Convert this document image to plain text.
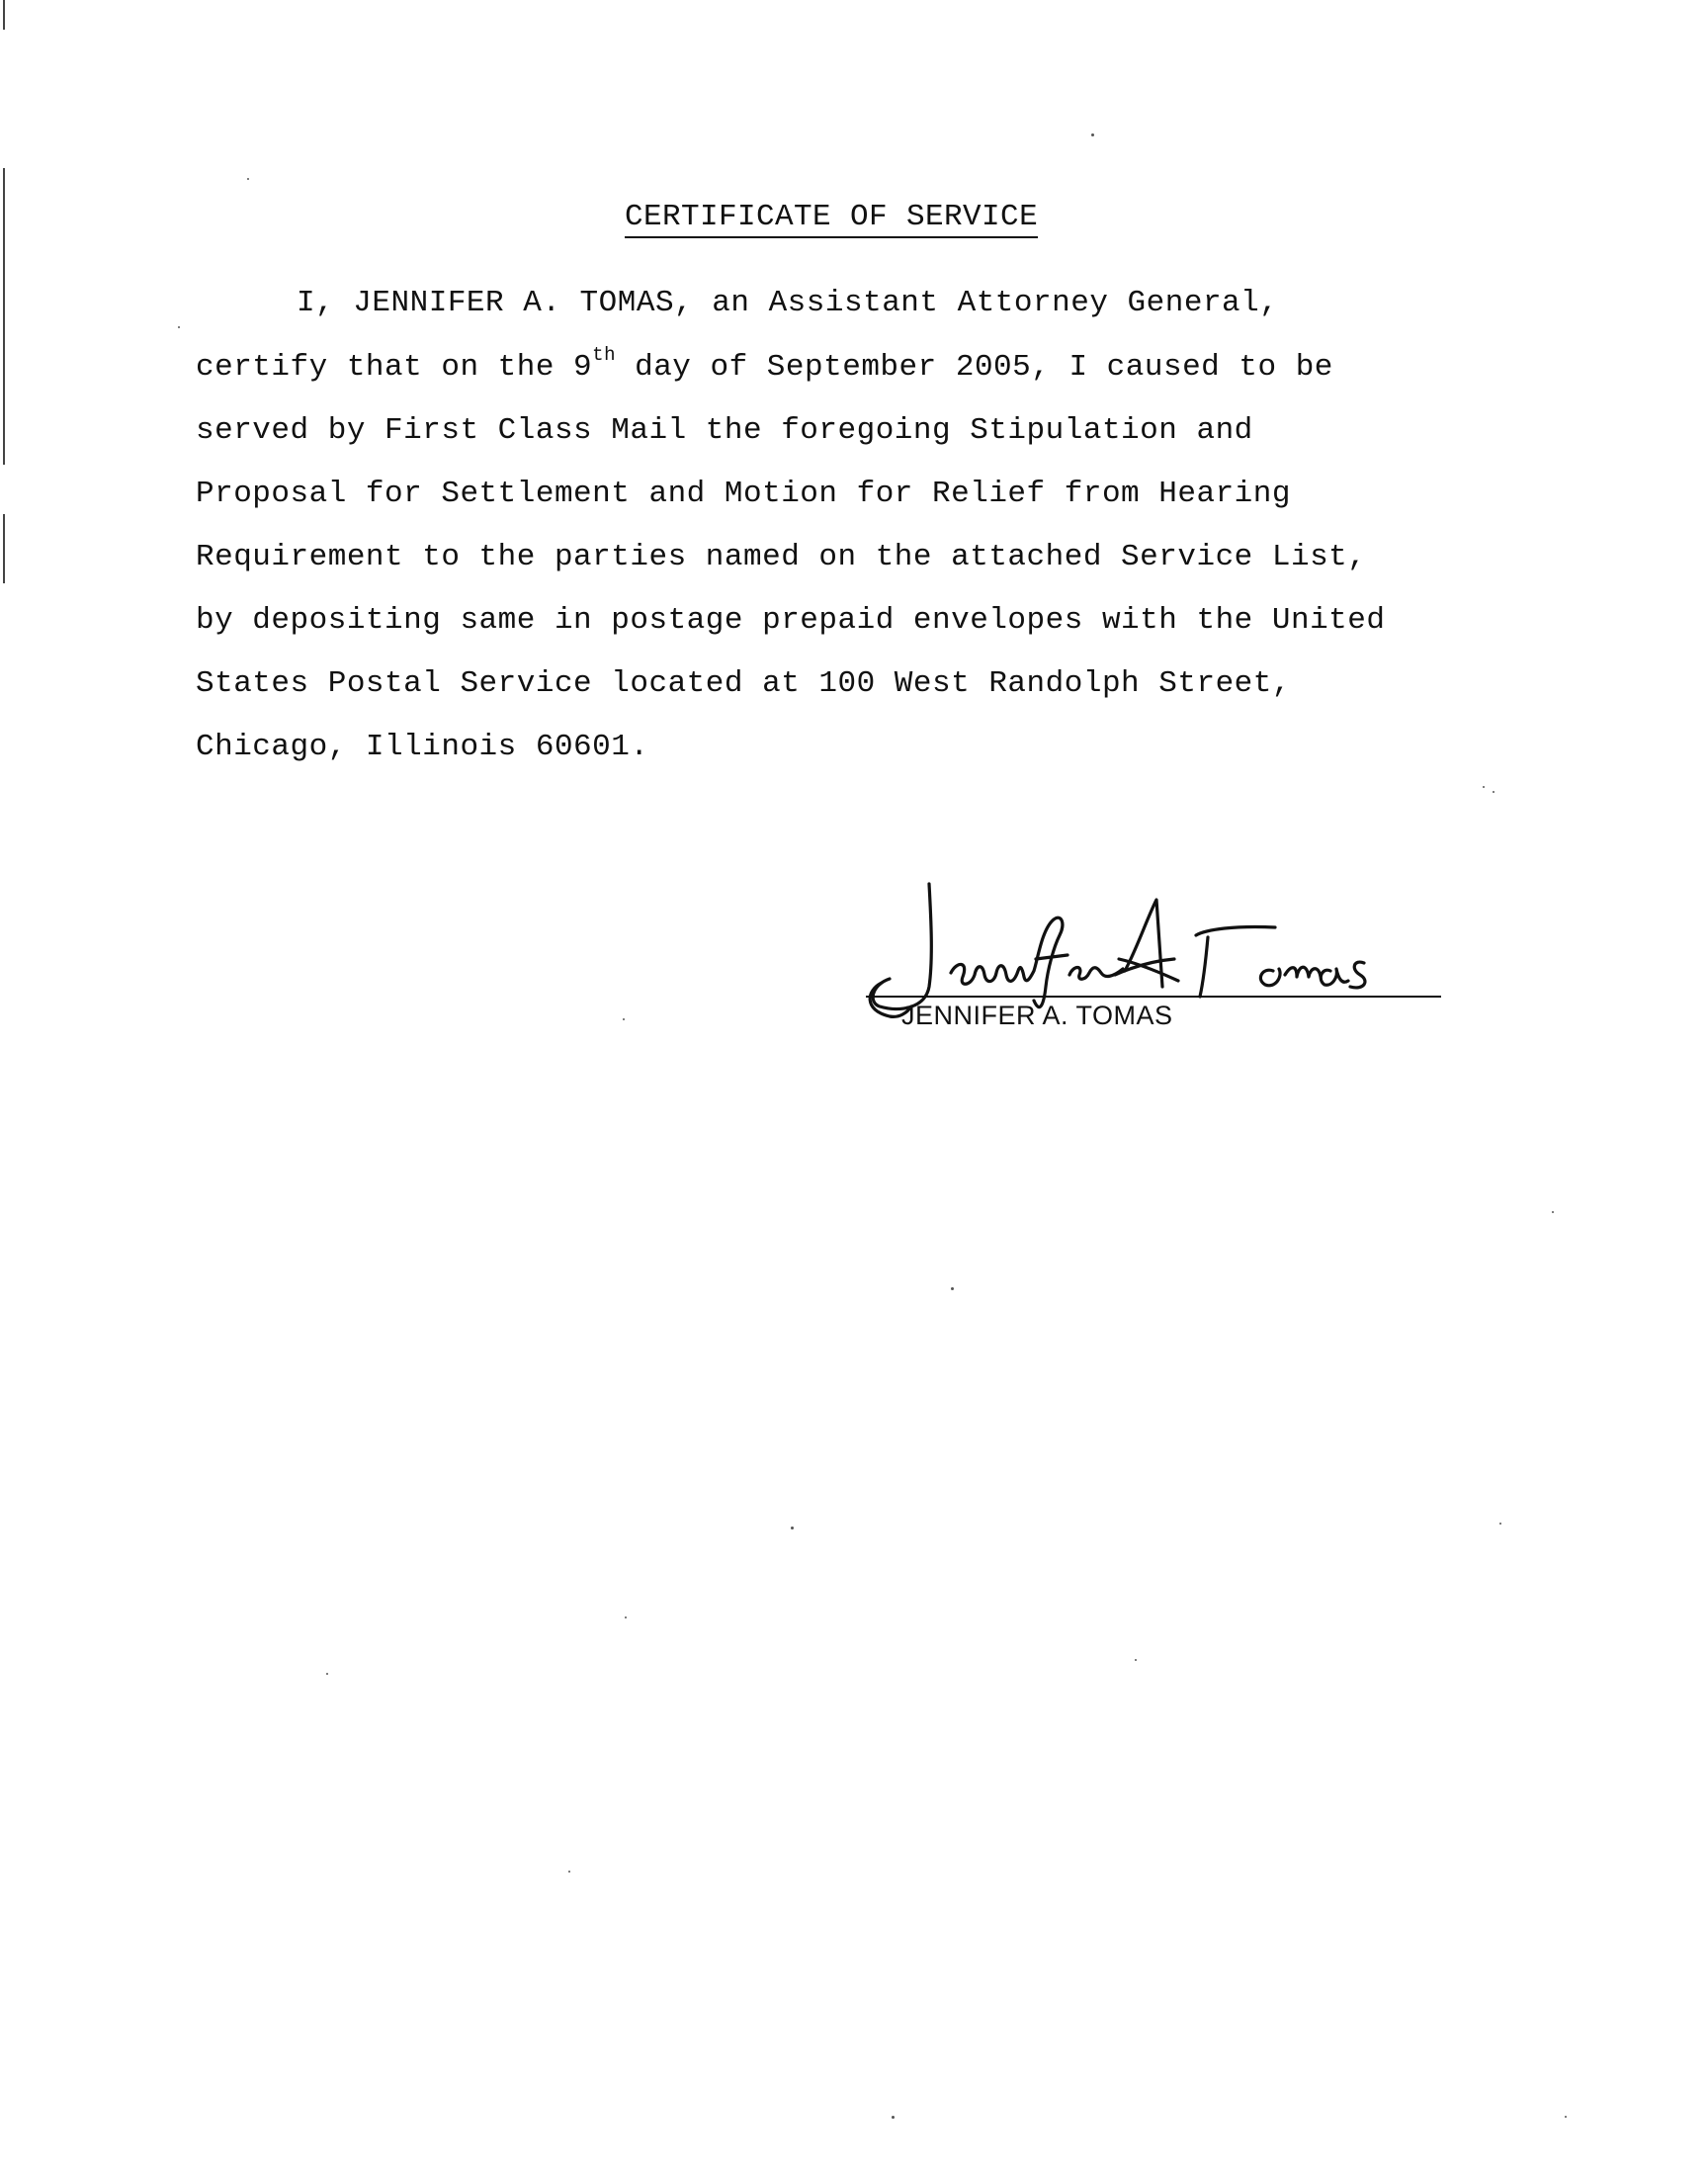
CERTIFICATE OF SERVICE
I, JENNIFER A. TOMAS, an Assistant Attorney General,
certify that on the 9th day of September 2005, I caused to be
served by First Class Mail the foregoing Stipulation and
Proposal for Settlement and Motion for Relief from Hearing
Requirement to the parties named on the attached Service List,
by depositing same in postage prepaid envelopes with the United
States Postal Service located at 100 West Randolph Street,
Chicago, Illinois 60601.
JENNIFER A. TOMAS
